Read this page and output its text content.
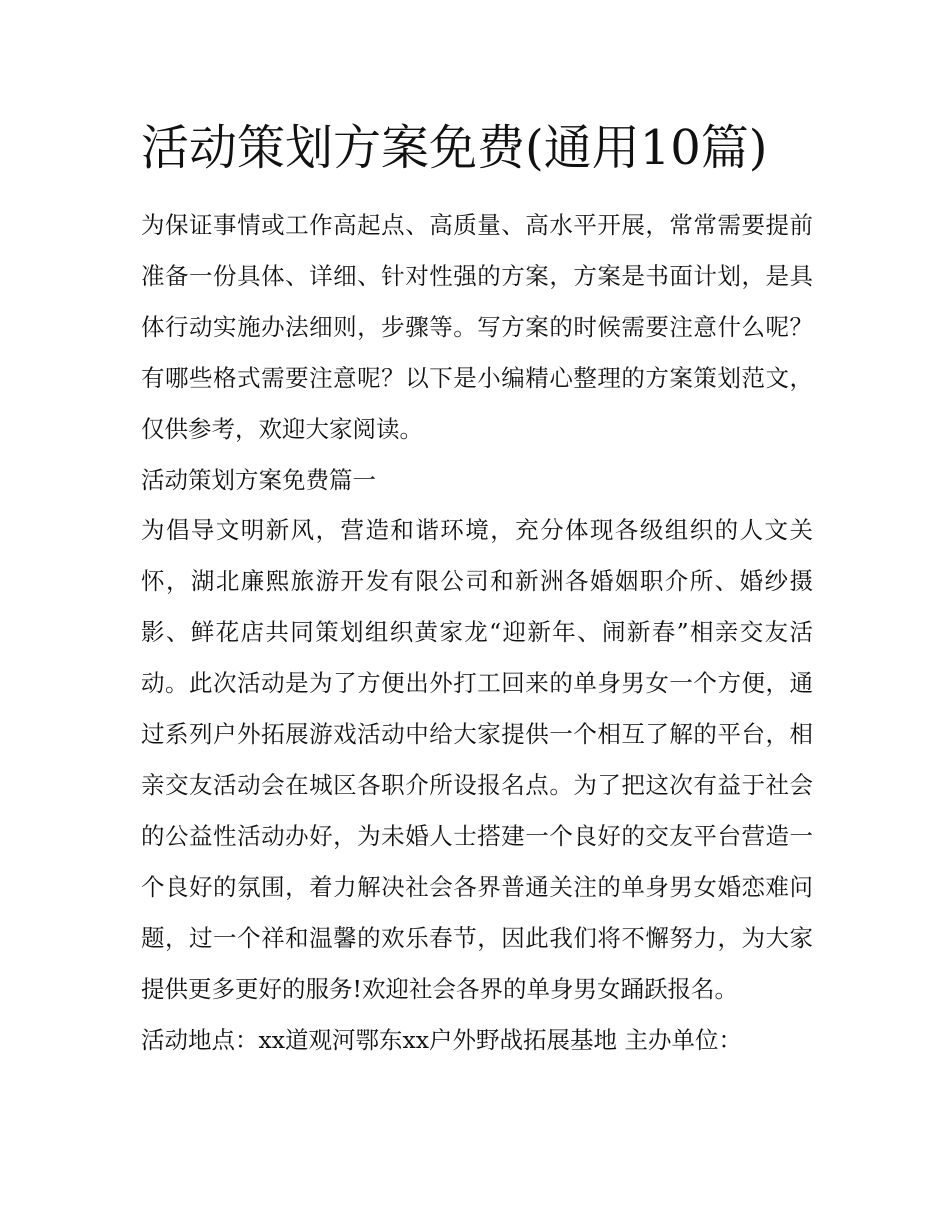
活动策划方案免费(通用10篇)

为保证事情或工作高起点、高质量、高水平开展，常常需要提前准备一份具体、详细、针对性强的方案，方案是书面计划，是具体行动实施办法细则，步骤等。写方案的时候需要注意什么呢？有哪些格式需要注意呢？以下是小编精心整理的方案策划范文，仅供参考，欢迎大家阅读。

活动策划方案免费篇一

为倡导文明新风，营造和谐环境，充分体现各级组织的人文关怀，湖北廉熙旅游开发有限公司和新洲各婚姻职介所、婚纱摄影、鲜花店共同策划组织黄家龙“迎新年、闹新春”相亲交友活动。此次活动是为了方便出外打工回来的单身男女一个方便，通过系列户外拓展游戏活动中给大家提供一个相互了解的平台，相亲交友活动会在城区各职介所设报名点。为了把这次有益于社会的公益性活动办好，为未婚人士搭建一个良好的交友平台营造一个良好的氛围，着力解决社会各界普通关注的单身男女婚恋难问题，过一个祥和温馨的欢乐春节，因此我们将不懈努力，为大家提供更多更好的服务!欢迎社会各界的单身男女踊跃报名。

活动地点：xx道观河鄂东xx户外野战拓展基地 主办单位：
